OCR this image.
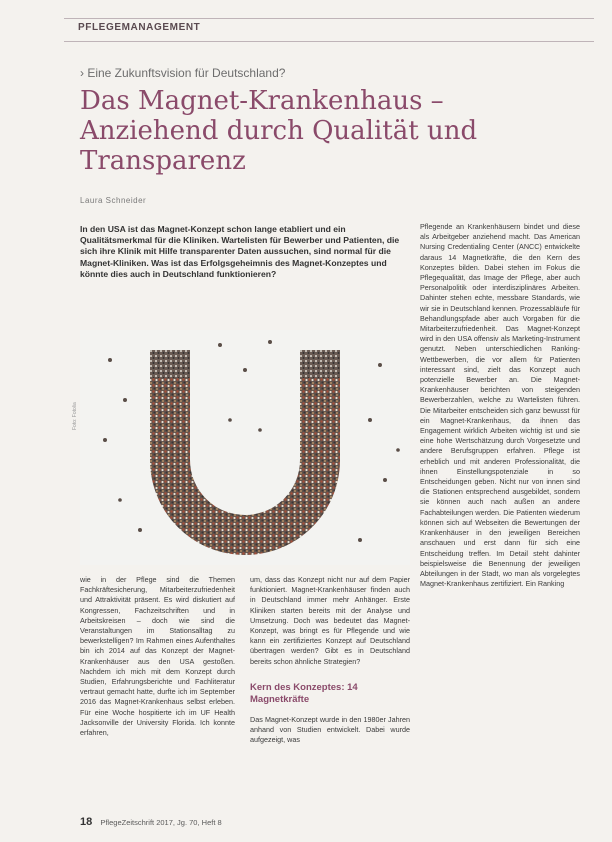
PFLEGEMANAGEMENT
› Eine Zukunftsvision für Deutschland?
Das Magnet-Krankenhaus – Anziehend durch Qualität und Transparenz
Laura Schneider
In den USA ist das Magnet-Konzept schon lange etabliert und ein Qualitätsmerkmal für die Kliniken. Wartelisten für Bewerber und Patienten, die sich ihre Klinik mit Hilfe transparenter Daten aussuchen, sind normal für die Magnet-Kliniken. Was ist das Erfolgsgeheimnis des Magnet-Konzeptes und könnte dies auch in Deutschland funktionieren?
Foto: Fotolia

wie in der Pflege sind die Themen Fachkräftesicherung, Mitarbeiterzufriedenheit und Attraktivität präsent. Es wird diskutiert auf Kongressen, Fachzeitschriften und in Arbeitskreisen – doch wie sind die Veranstaltungen im Stationsalltag zu bewerkstelligen? Im Rahmen eines Aufenthaltes bin ich 2014 auf das Konzept der Magnet-Krankenhäuser aus den USA gestoßen. Nachdem ich mich mit dem Konzept durch Studien, Erfahrungsberichte und Fachliteratur vertraut gemacht hatte, durfte ich im September 2016 das Magnet-Krankenhaus selbst erleben. Für eine Woche hospitierte ich im UF Health Jacksonville der University Florida. Ich konnte erfahren,

um, dass das Konzept nicht nur auf dem Papier funktioniert. Magnet-Krankenhäuser finden auch in Deutschland immer mehr Anhänger. Erste Kliniken starten bereits mit der Analyse und Umsetzung. Doch was bedeutet das Magnet-Konzept, was bringt es für Pflegende und wie kann ein zertifiziertes Konzept auf Deutschland übertragen werden? Gibt es in Deutschland bereits schon ähnliche Strategien?

Kern des Konzeptes: 14 Magnetkräfte

Das Magnet-Konzept wurde in den 1980er Jahren anhand von Studien entwickelt. Dabei wurde aufgezeigt, was

Pflegende an Krankenhäusern bindet und diese als Arbeitgeber anziehend macht. Das American Nursing Credentialing Center (ANCC) entwickelte daraus 14 Magnetkräfte, die den Kern des Konzeptes bilden. Dabei stehen im Fokus die Pflegequalität, das Image der Pflege, aber auch Personalpolitik oder interdisziplinäres Arbeiten. Dahinter stehen echte, messbare Standards, wie wir sie in Deutschland kennen. Prozessabläufe für Behandlungspfade aber auch Vorgaben für die Mitarbeiterzufriedenheit. Das Magnet-Konzept wird in den USA offensiv als Marketing-Instrument genutzt. Neben unterschiedlichen Ranking-Wettbewerben, die vor allem für Patienten interessant sind, zielt das Konzept auch potenzielle Bewerber an. Die Magnet-Krankenhäuser berichten von steigenden Bewerberzahlen, welche zu Wartelisten führen. Die Mitarbeiter entscheiden sich ganz bewusst für ein Magnet-Krankenhaus, da ihnen das Engagement wirklich Arbeiten wichtig ist und sie eine hohe Wertschätzung durch Vorgesetzte und andere Berufsgruppen erfahren. Pflege ist erheblich und mit anderen Professionalität, die ihnen Einstellungspotenziale in so Entscheidungen geben. Nicht nur von innen sind die Stationen entsprechend ausgebildet, sondern sie können auch nach außen an andere Fachabteilungen werden. Die Patienten wiederum können sich auf Webseiten die Bewertungen der Krankenhäuser in den jeweiligen Bereichen anschauen und erst dann für sich eine Entscheidung treffen. Im Detail steht dahinter beispielsweise die Benennung der jeweiligen Abteilungen in der Stadt, wo man als vorgelegtes Magnet-Krankenhaus zertifiziert. Ein Ranking

18 PflegeZeitschrift 2017, Jg. 70, Heft 8
